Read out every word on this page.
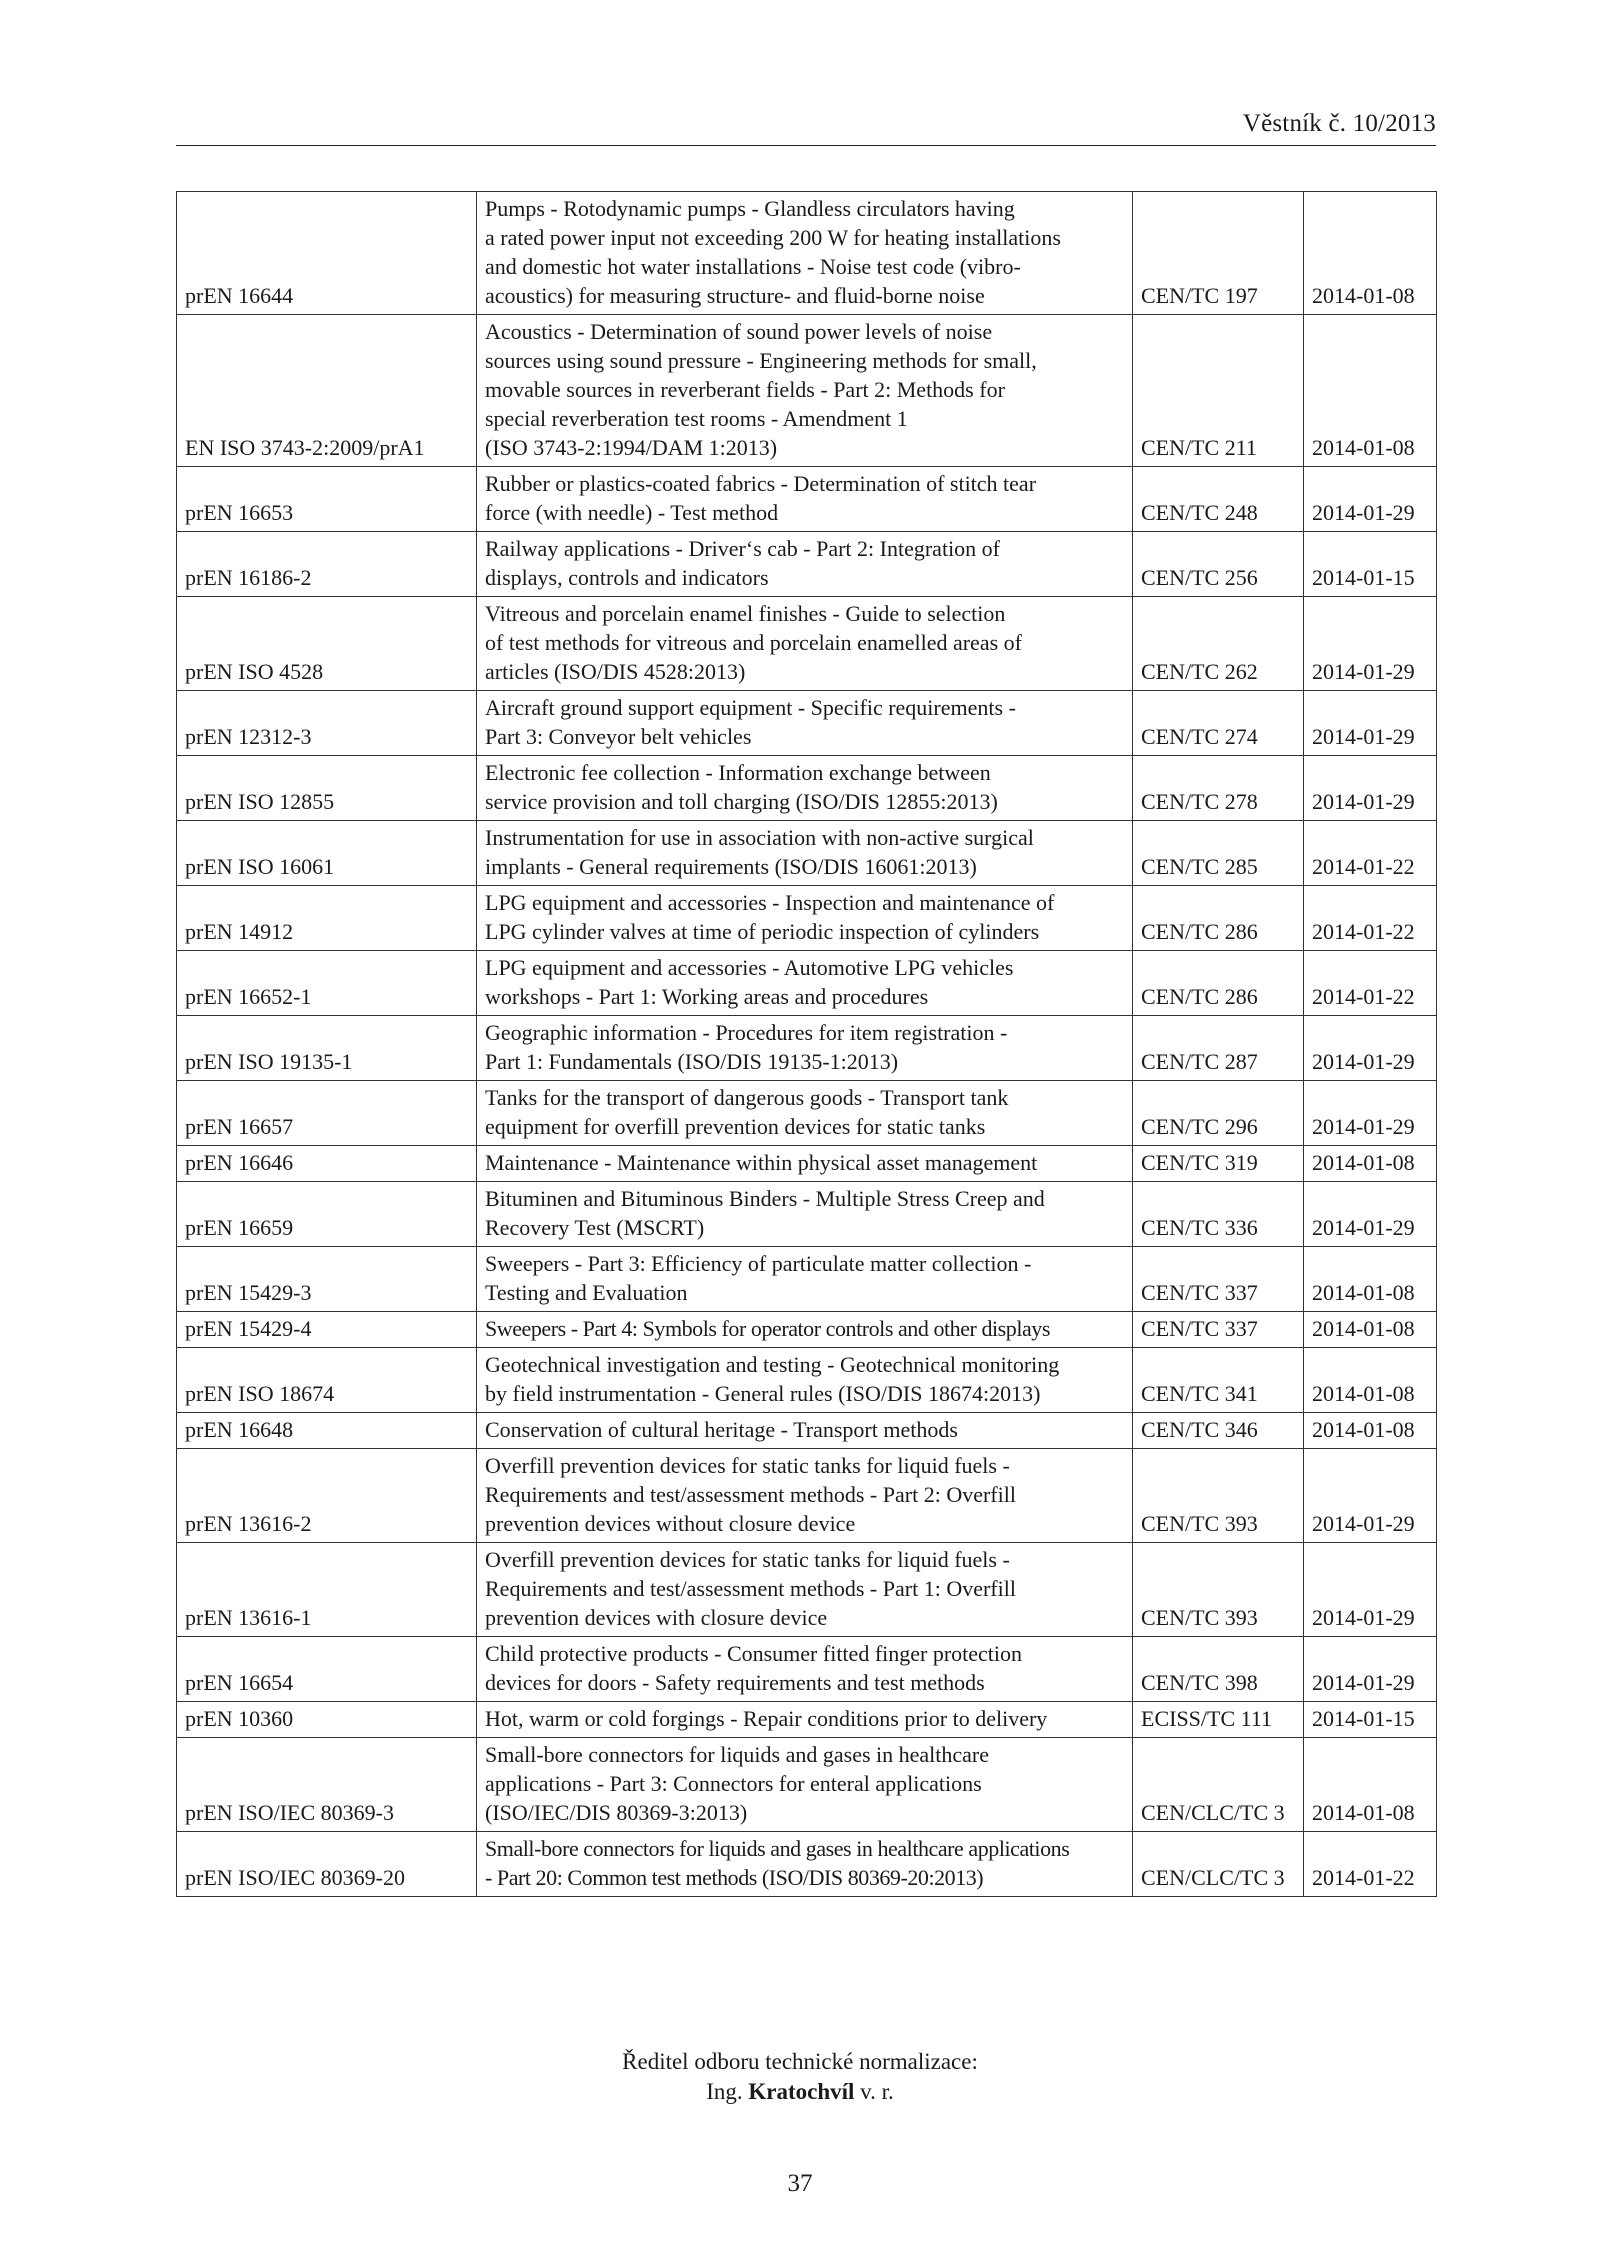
Věstník č. 10/2013
prEN 16644	Pumps - Rotodynamic pumps - Glandless circulators having
a rated power input not exceeding 200 W for heating installations
and domestic hot water installations - Noise test code (vibro-
acoustics) for measuring structure- and fluid-borne noise	CEN/TC 197	2014-01-08
EN ISO 3743-2:2009/prA1	Acoustics - Determination of sound power levels of noise
sources using sound pressure - Engineering methods for small,
movable sources in reverberant fields - Part 2: Methods for
special reverberation test rooms - Amendment 1
(ISO 3743-2:1994/DAM 1:2013)	CEN/TC 211	2014-01-08
prEN 16653	Rubber or plastics-coated fabrics - Determination of stitch tear
force (with needle) - Test method	CEN/TC 248	2014-01-29
prEN 16186-2	Railway applications - Driver‘s cab - Part 2: Integration of
displays, controls and indicators	CEN/TC 256	2014-01-15
prEN ISO 4528	Vitreous and porcelain enamel finishes - Guide to selection
of test methods for vitreous and porcelain enamelled areas of
articles (ISO/DIS 4528:2013)	CEN/TC 262	2014-01-29
prEN 12312-3	Aircraft ground support equipment - Specific requirements -
Part 3: Conveyor belt vehicles	CEN/TC 274	2014-01-29
prEN ISO 12855	Electronic fee collection - Information exchange between
service provision and toll charging (ISO/DIS 12855:2013)	CEN/TC 278	2014-01-29
prEN ISO 16061	Instrumentation for use in association with non-active surgical
implants - General requirements (ISO/DIS 16061:2013)	CEN/TC 285	2014-01-22
prEN 14912	LPG equipment and accessories - Inspection and maintenance of
LPG cylinder valves at time of periodic inspection of cylinders	CEN/TC 286	2014-01-22
prEN 16652-1	LPG equipment and accessories - Automotive LPG vehicles
workshops - Part 1: Working areas and procedures	CEN/TC 286	2014-01-22
prEN ISO 19135-1	Geographic information - Procedures for item registration -
Part 1: Fundamentals (ISO/DIS 19135-1:2013)	CEN/TC 287	2014-01-29
prEN 16657	Tanks for the transport of dangerous goods - Transport tank
equipment for overfill prevention devices for static tanks	CEN/TC 296	2014-01-29
prEN 16646	Maintenance - Maintenance within physical asset management	CEN/TC 319	2014-01-08
prEN 16659	Bituminen and Bituminous Binders - Multiple Stress Creep and
Recovery Test (MSCRT)	CEN/TC 336	2014-01-29
prEN 15429-3	Sweepers - Part 3: Efficiency of particulate matter collection -
Testing and Evaluation	CEN/TC 337	2014-01-08
prEN 15429-4	Sweepers - Part 4: Symbols for operator controls and other displays	CEN/TC 337	2014-01-08
prEN ISO 18674	Geotechnical investigation and testing - Geotechnical monitoring
by field instrumentation - General rules (ISO/DIS 18674:2013)	CEN/TC 341	2014-01-08
prEN 16648	Conservation of cultural heritage - Transport methods	CEN/TC 346	2014-01-08
prEN 13616-2	Overfill prevention devices for static tanks for liquid fuels -
Requirements and test/assessment methods - Part 2: Overfill
prevention devices without closure device	CEN/TC 393	2014-01-29
prEN 13616-1	Overfill prevention devices for static tanks for liquid fuels -
Requirements and test/assessment methods - Part 1: Overfill
prevention devices with closure device	CEN/TC 393	2014-01-29
prEN 16654	Child protective products - Consumer fitted finger protection
devices for doors - Safety requirements and test methods	CEN/TC 398	2014-01-29
prEN 10360	Hot, warm or cold forgings - Repair conditions prior to delivery	ECISS/TC 111	2014-01-15
prEN ISO/IEC 80369-3	Small-bore connectors for liquids and gases in healthcare
applications - Part 3: Connectors for enteral applications
(ISO/IEC/DIS 80369-3:2013)	CEN/CLC/TC 3	2014-01-08
prEN ISO/IEC 80369-20	Small-bore connectors for liquids and gases in healthcare applications
- Part 20: Common test methods (ISO/DIS 80369-20:2013)	CEN/CLC/TC 3	2014-01-22
Ředitel odboru technické normalizace:
Ing. Kratochvíl v. r.
37
